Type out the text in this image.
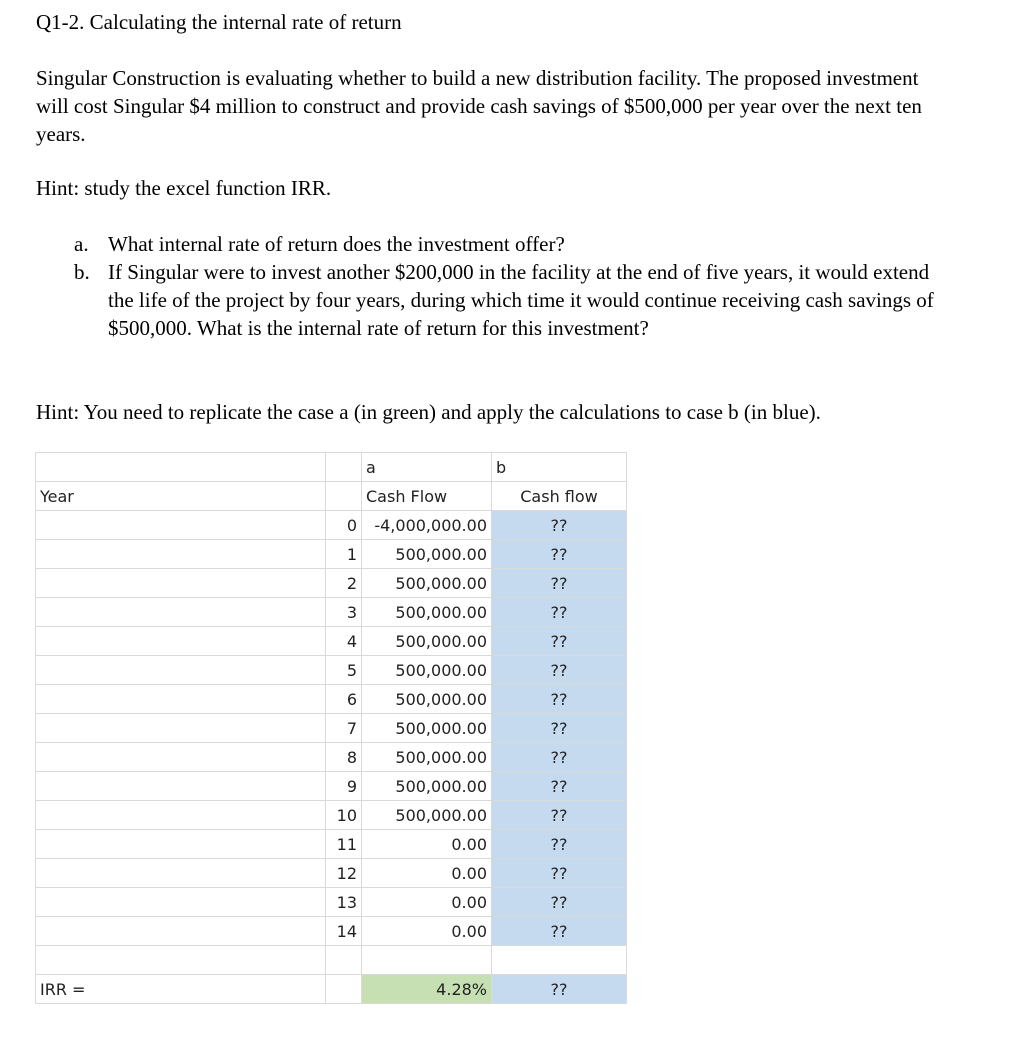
Q1-2. Calculating the internal rate of return

Singular Construction is evaluating whether to build a new distribution facility. The proposed investment will cost Singular $4 million to construct and provide cash savings of $500,000 per year over the next ten years.

Hint: study the excel function IRR.

a. What internal rate of return does the investment offer?
b. If Singular were to invest another $200,000 in the facility at the end of five years, it would extend the life of the project by four years, during which time it would continue receiving cash savings of $500,000. What is the internal rate of return for this investment?

Hint: You need to replicate the case a (in green) and apply the calculations to case b (in blue).

		a	b
Year		Cash Flow	Cash flow
	0	-4,000,000.00	??
	1	500,000.00	??
	2	500,000.00	??
	3	500,000.00	??
	4	500,000.00	??
	5	500,000.00	??
	6	500,000.00	??
	7	500,000.00	??
	8	500,000.00	??
	9	500,000.00	??
	10	500,000.00	??
	11	0.00	??
	12	0.00	??
	13	0.00	??
	14	0.00	??

IRR =		4.28%	??
